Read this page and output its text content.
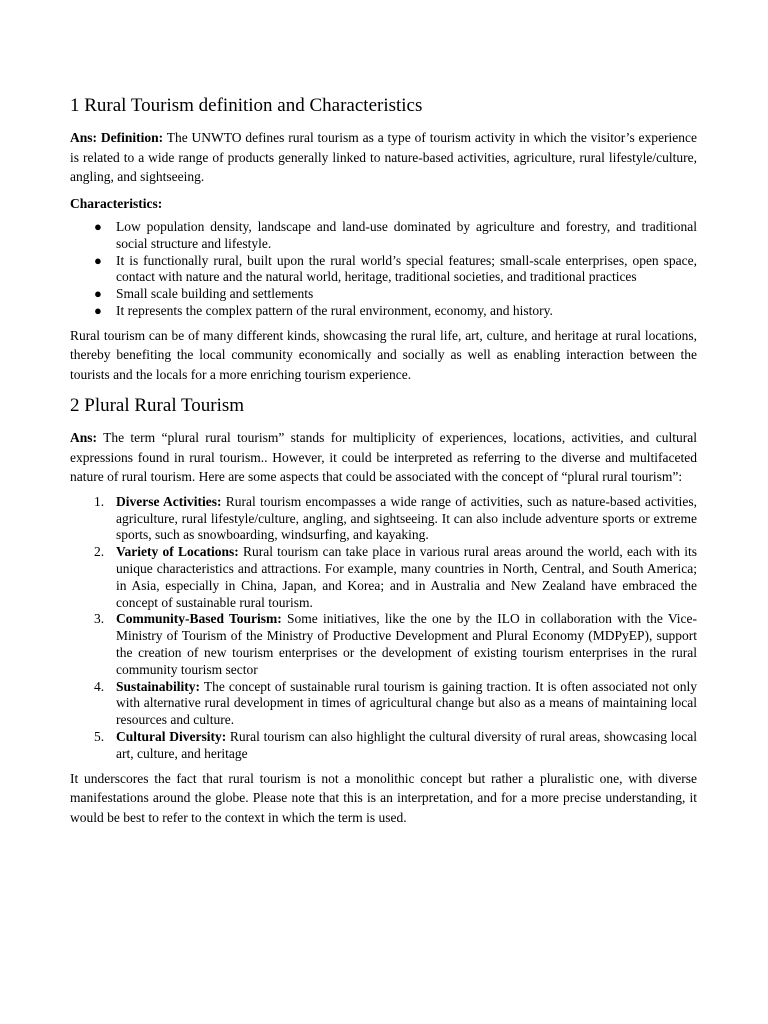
1 Rural Tourism definition and Characteristics

Ans: Definition: The UNWTO defines rural tourism as a type of tourism activity in which the visitor’s experience is related to a wide range of products generally linked to nature-based activities, agriculture, rural lifestyle/culture, angling, and sightseeing.

Characteristics:

● Low population density, landscape and land-use dominated by agriculture and forestry, and traditional social structure and lifestyle.
● It is functionally rural, built upon the rural world’s special features; small-scale enterprises, open space, contact with nature and the natural world, heritage, traditional societies, and traditional practices
● Small scale building and settlements
● It represents the complex pattern of the rural environment, economy, and history.

Rural tourism can be of many different kinds, showcasing the rural life, art, culture, and heritage at rural locations, thereby benefiting the local community economically and socially as well as enabling interaction between the tourists and the locals for a more enriching tourism experience.

2 Plural Rural Tourism

Ans: The term “plural rural tourism” stands for multiplicity of experiences, locations, activities, and cultural expressions found in rural tourism.. However, it could be interpreted as referring to the diverse and multifaceted nature of rural tourism. Here are some aspects that could be associated with the concept of “plural rural tourism”:

1. Diverse Activities: Rural tourism encompasses a wide range of activities, such as nature-based activities, agriculture, rural lifestyle/culture, angling, and sightseeing. It can also include adventure sports or extreme sports, such as snowboarding, windsurfing, and kayaking.
2. Variety of Locations: Rural tourism can take place in various rural areas around the world, each with its unique characteristics and attractions. For example, many countries in North, Central, and South America; in Asia, especially in China, Japan, and Korea; and in Australia and New Zealand have embraced the concept of sustainable rural tourism.
3. Community-Based Tourism: Some initiatives, like the one by the ILO in collaboration with the Vice-Ministry of Tourism of the Ministry of Productive Development and Plural Economy (MDPyEP), support the creation of new tourism enterprises or the development of existing tourism enterprises in the rural community tourism sector
4. Sustainability: The concept of sustainable rural tourism is gaining traction. It is often associated not only with alternative rural development in times of agricultural change but also as a means of maintaining local resources and culture.
5. Cultural Diversity: Rural tourism can also highlight the cultural diversity of rural areas, showcasing local art, culture, and heritage

It underscores the fact that rural tourism is not a monolithic concept but rather a pluralistic one, with diverse manifestations around the globe. Please note that this is an interpretation, and for a more precise understanding, it would be best to refer to the context in which the term is used.
